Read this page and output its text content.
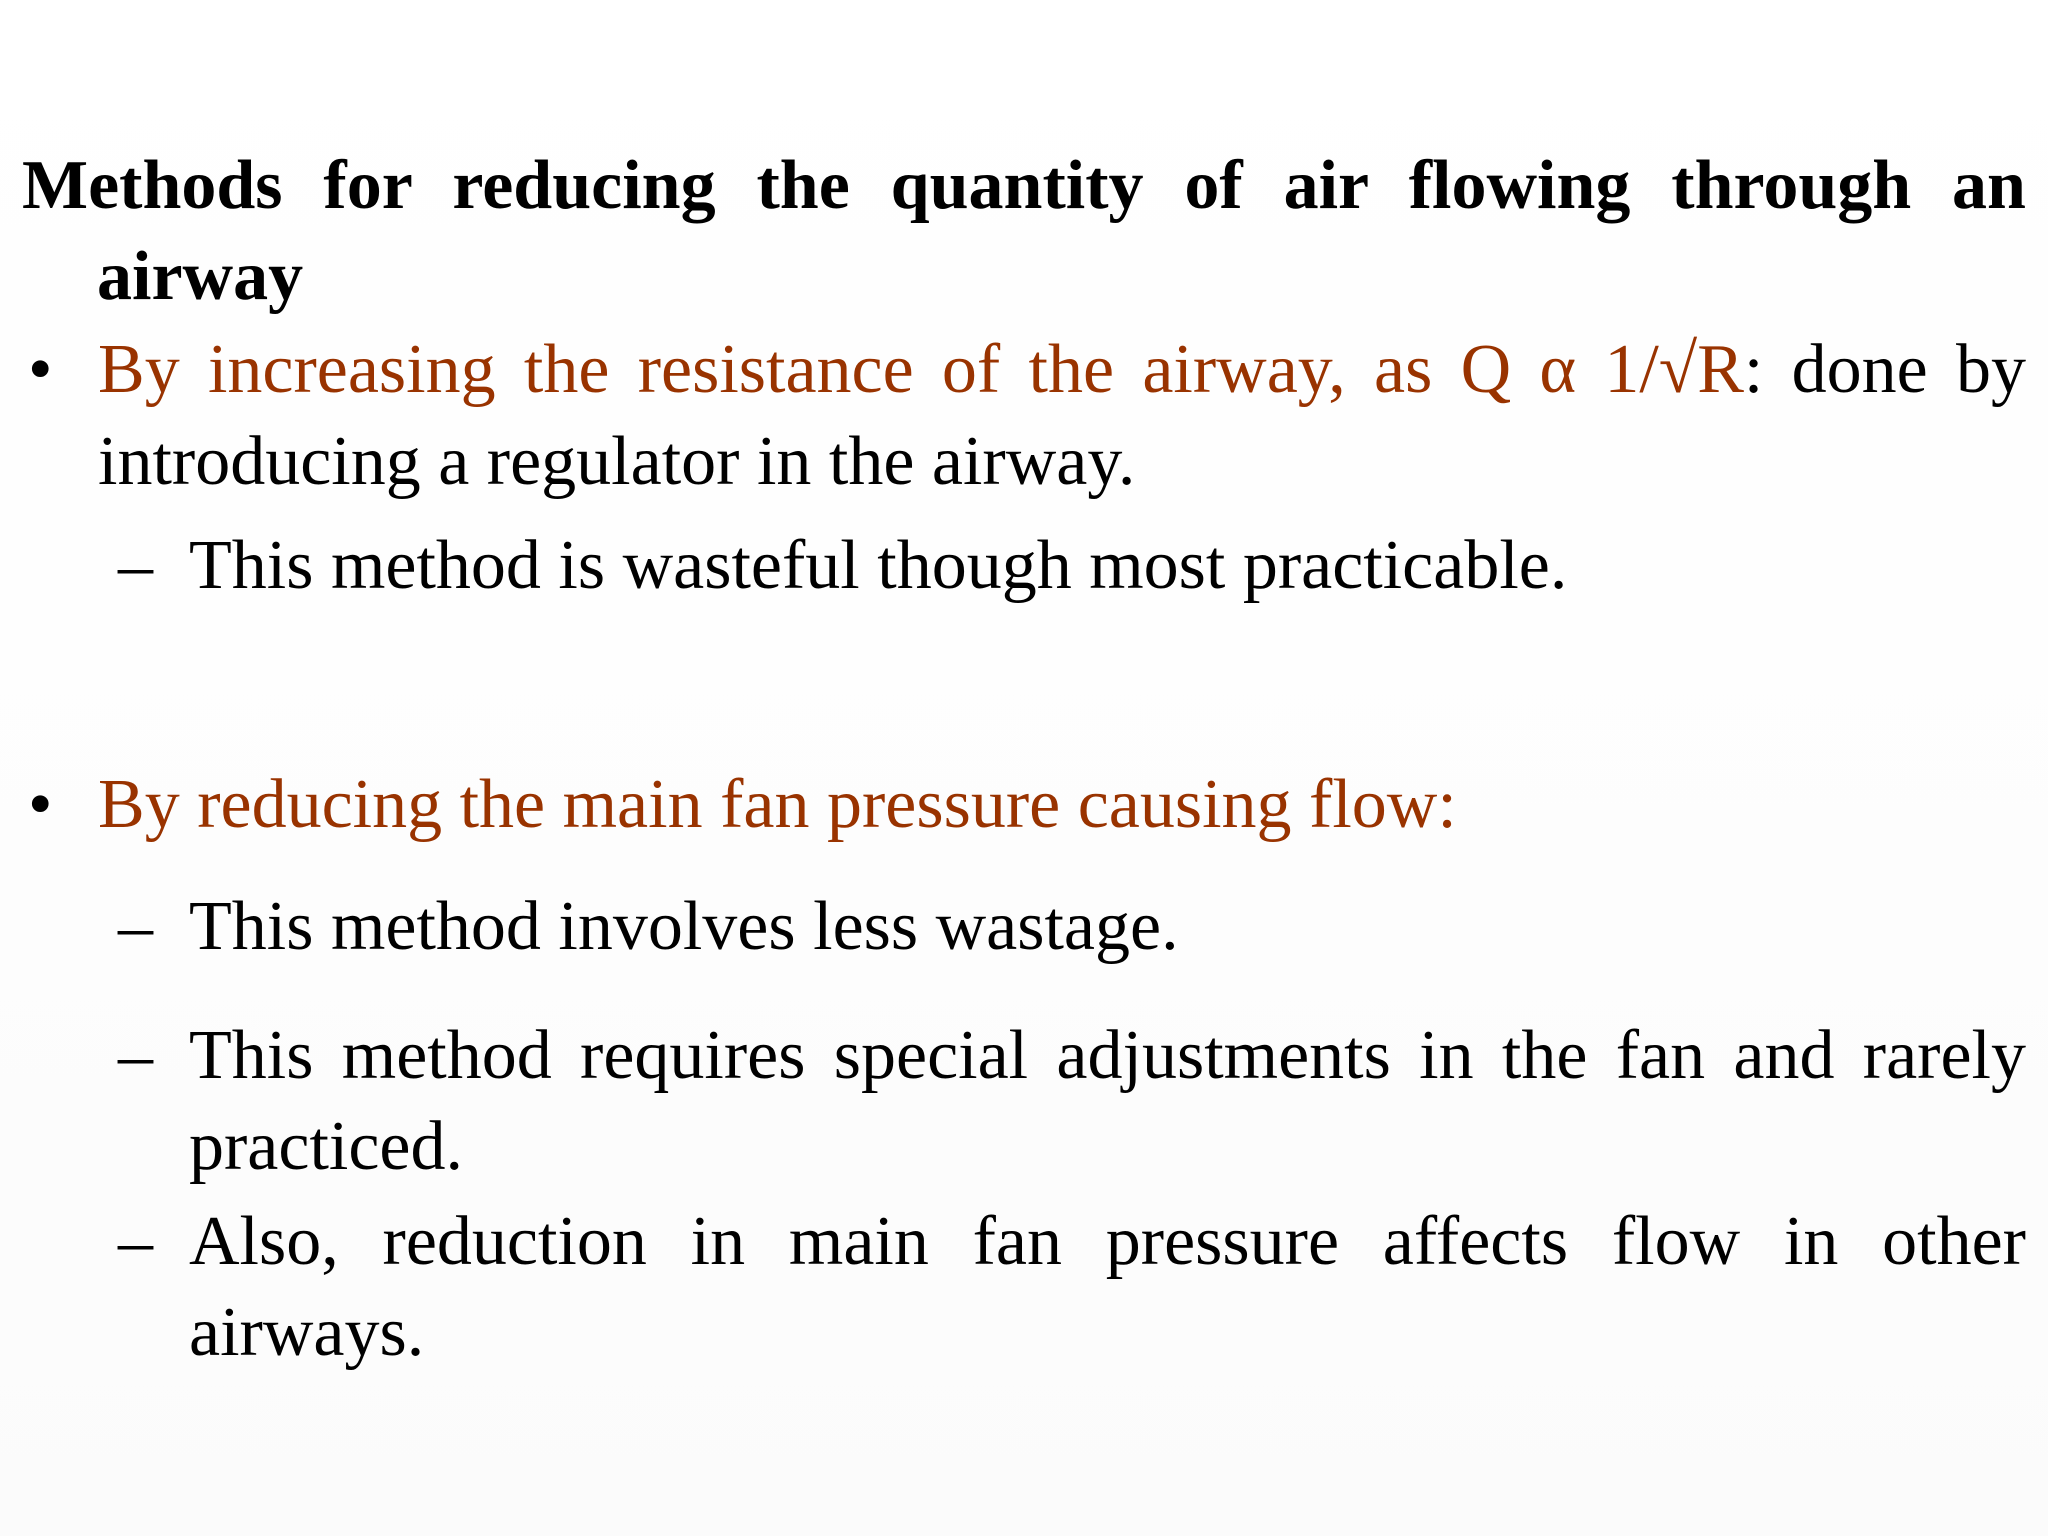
Methods for reducing the quantity of air flowing through an airway

• By increasing the resistance of the airway, as Q α 1/√R: done by introducing a regulator in the airway.

– This method is wasteful though most practicable.

• By reducing the main fan pressure causing flow:

– This method involves less wastage.

– This method requires special adjustments in the fan and rarely practiced.

– Also, reduction in main fan pressure affects flow in other airways.
